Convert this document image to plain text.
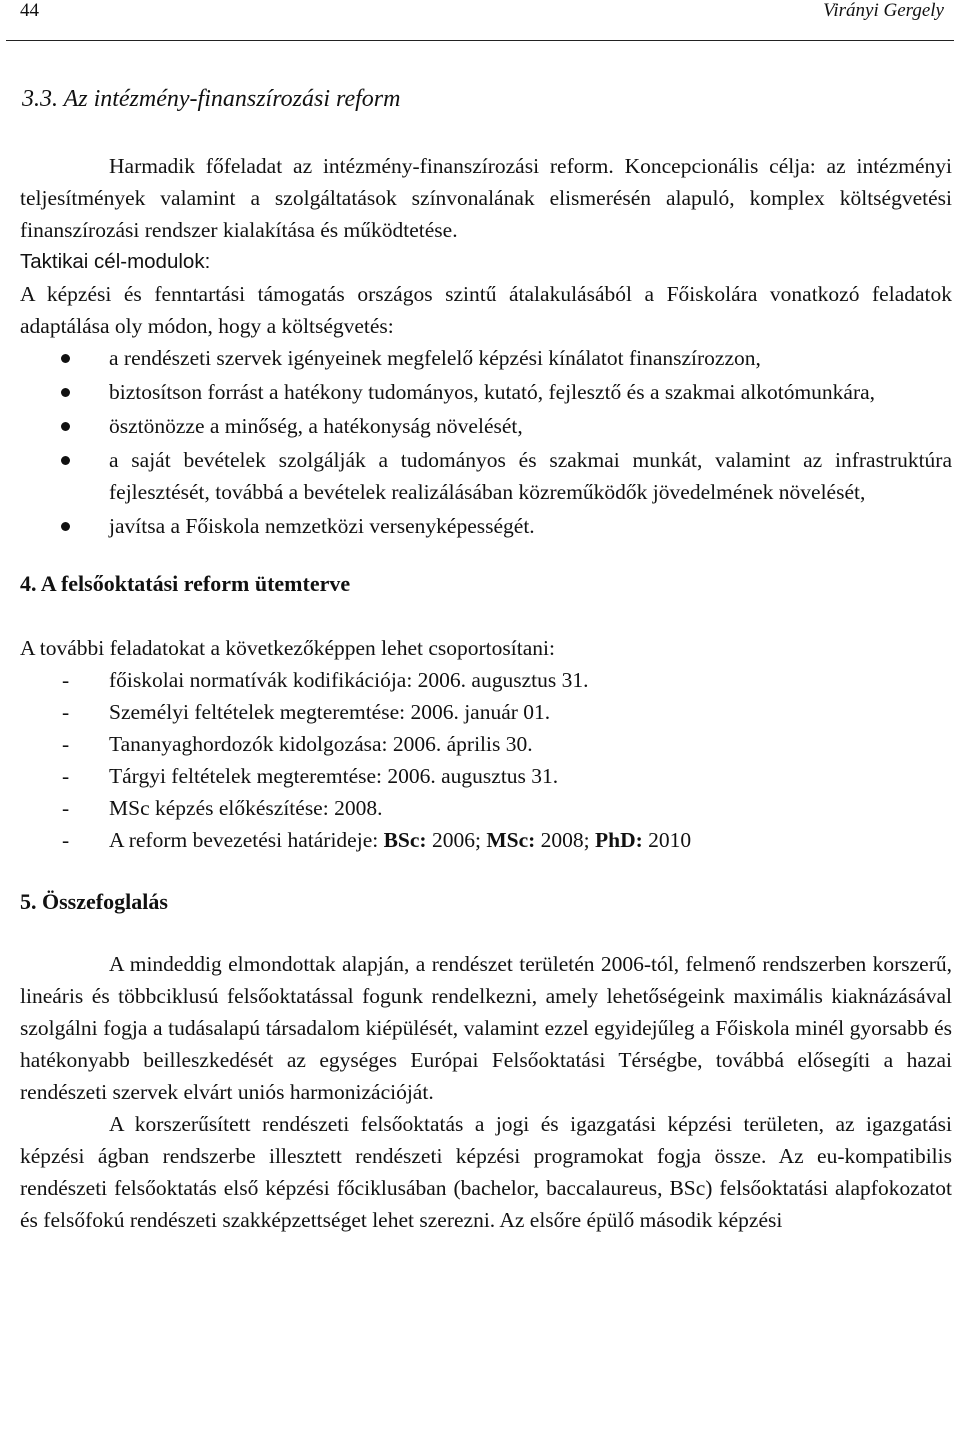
44	Virányi Gergely
3.3. Az intézmény-finanszírozási reform

Harmadik főfeladat az intézmény-finanszírozási reform. Koncepcionális célja: az intézményi teljesítmények valamint a szolgáltatások színvonalának elismerésén alapuló, komplex költségvetési finanszírozási rendszer kialakítása és működtetése.

Taktikai cél-modulok:

A képzési és fenntartási támogatás országos szintű átalakulásából a Főiskolára vonatkozó feladatok adaptálása oly módon, hogy a költségvetés:

a rendészeti szervek igényeinek megfelelő képzési kínálatot finanszírozzon,
biztosítson forrást a hatékony tudományos, kutató, fejlesztő és a szakmai alkotómunkára,
ösztönözze a minőség, a hatékonyság növelését,
a saját bevételek szolgálják a tudományos és szakmai munkát, valamint az infrastruktúra fejlesztését, továbbá a bevételek realizálásában közreműködők jövedelmének növelését,
javítsa a Főiskola nemzetközi versenyképességét.
4. A felsőoktatási reform ütemterve

A további feladatokat a következőképpen lehet csoportosítani:

- főiskolai normatívák kodifikációja: 2006. augusztus 31.
- Személyi feltételek megteremtése: 2006. január 01.
- Tananyaghordozók kidolgozása: 2006. április 30.
- Tárgyi feltételek megteremtése: 2006. augusztus 31.
- MSc képzés előkészítése: 2008.
- A reform bevezetési határideje: BSc: 2006; MSc: 2008; PhD: 2010
5. Összefoglalás

A mindeddig elmondottak alapján, a rendészet területén 2006-tól, felmenő rendszerben korszerű, lineáris és többciklusú felsőoktatással fogunk rendelkezni, amely lehetőségeink maximális kiaknázásával szolgálni fogja a tudásalapú társadalom kiépülését, valamint ezzel egyidejűleg a Főiskola minél gyorsabb és hatékonyabb beilleszkedését az egységes Európai Felsőoktatási Térségbe, továbbá elősegíti a hazai rendészeti szervek elvárt uniós harmonizációját.

A korszerűsített rendészeti felsőoktatás a jogi és igazgatási képzési területen, az igazgatási képzési ágban rendszerbe illesztett rendészeti képzési programokat fogja össze. Az eu-kompatibilis rendészeti felsőoktatás első képzési főciklusában (bachelor, baccalaureus, BSc) felsőoktatási alapfokozatot és felsőfokú rendészeti szakképzettséget lehet szerezni. Az elsőre épülő második képzési
